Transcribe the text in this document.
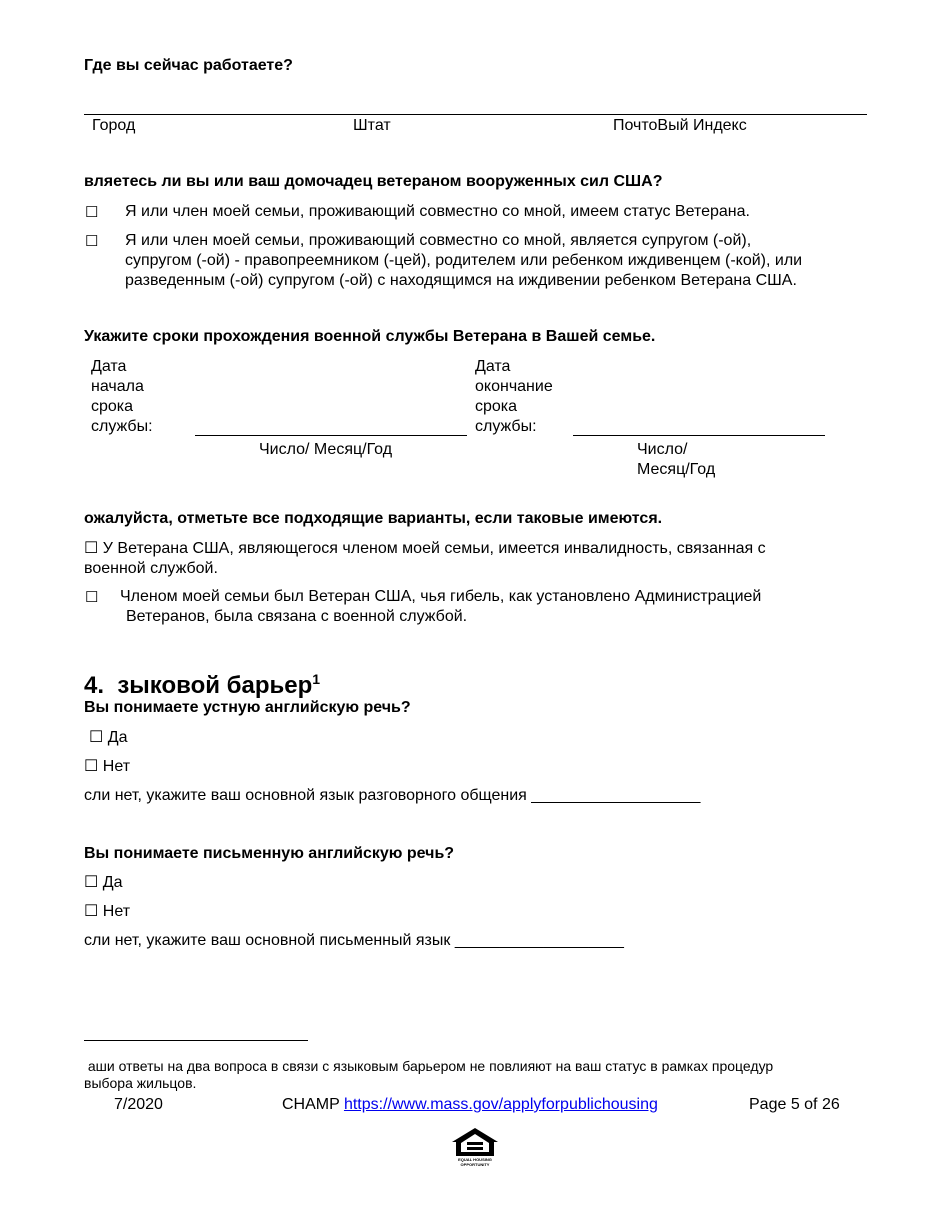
Где вы сейчас работаете?
Город	Штат	ПочтоВый Индекс
вляетесь ли вы или ваш домочадец ветераном вооруженных сил США?
☐ Я или член моей семьи, проживающий совместно со мной, имеем статус Ветерана.
☐ Я или член моей семьи, проживающий совместно со мной, является супругом (-ой),
супругом (-ой) - правопреемником (-цей), родителем или ребенком иждивенцем (-кой), или
разведенным (-ой) супругом (-ой) с находящимся на иждивении ребенком Ветерана США.
Укажите сроки прохождения военной службы Ветерана в Вашей семье.
Дата
начала
срока
службы:
Число/ Месяц/Год
Дата
окончание
срока
службы:
Число/
Месяц/Год
ожалуйста, отметьте все подходящие варианты, если таковые имеются.
☐ У Ветерана США, являющегося членом моей семьи, имеется инвалидность, связанная с
военной службой.
☐ Членом моей семьи был Ветеран США, чья гибель, как установлено Администрацией
Ветеранов, была связана с военной службой.
4. зыковой барьер$^1$
Вы понимаете устную английскую речь?
☐ Да
☐ Нет
сли нет, укажите ваш основной язык разговорного общения ___________________
Вы понимаете письменную английскую речь?
☐ Да
☐ Нет
сли нет, укажите ваш основной письменный язык ___________________
аши ответы на два вопроса в связи с языковым барьером не повлияют на ваш статус в рамках процедур
выбора жильцов.
7/2020	CHAMP https://www.mass.gov/applyforpublichousing	Page 5 of 26
EQUAL HOUSING OPPORTUNITY
